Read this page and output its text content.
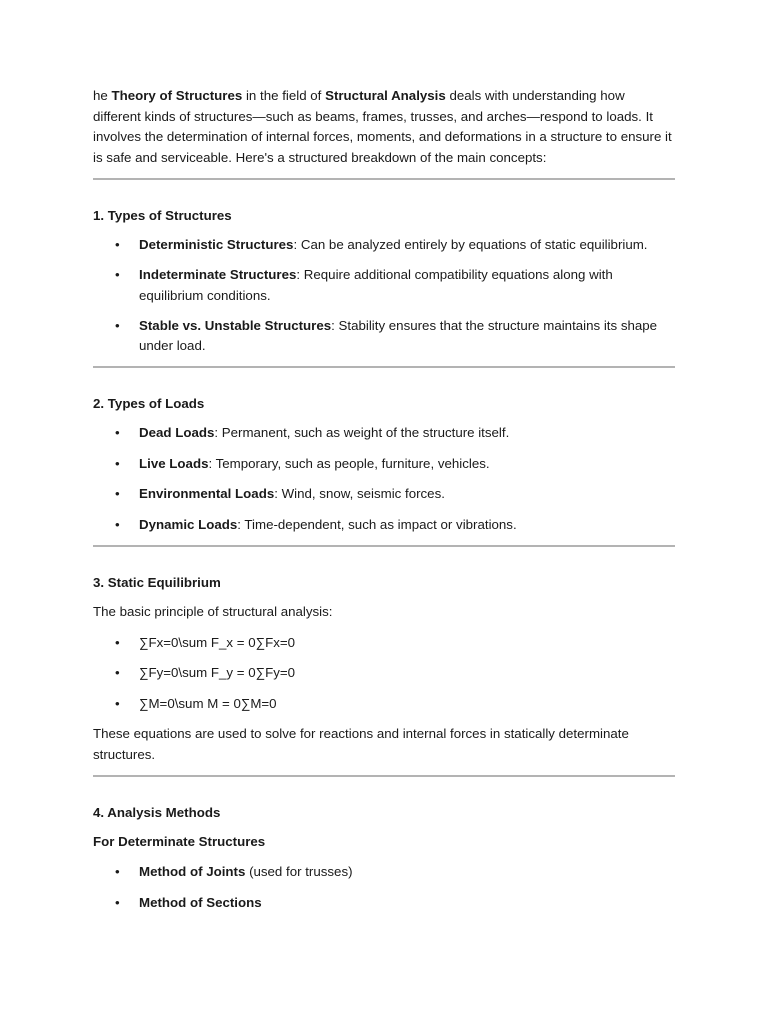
he Theory of Structures in the field of Structural Analysis deals with understanding how different kinds of structures—such as beams, frames, trusses, and arches—respond to loads. It involves the determination of internal forces, moments, and deformations in a structure to ensure it is safe and serviceable. Here's a structured breakdown of the main concepts:

1. Types of Structures
• Deterministic Structures: Can be analyzed entirely by equations of static equilibrium.
• Indeterminate Structures: Require additional compatibility equations along with equilibrium conditions.
• Stable vs. Unstable Structures: Stability ensures that the structure maintains its shape under load.
2. Types of Loads
• Dead Loads: Permanent, such as weight of the structure itself.
• Live Loads: Temporary, such as people, furniture, vehicles.
• Environmental Loads: Wind, snow, seismic forces.
• Dynamic Loads: Time-dependent, such as impact or vibrations.
3. Static Equilibrium

The basic principle of structural analysis:

• ∑Fx=0\sum F_x = 0∑Fx=0
• ∑Fy=0\sum F_y = 0∑Fy=0
• ∑M=0\sum M = 0∑M=0

These equations are used to solve for reactions and internal forces in statically determinate structures.

4. Analysis Methods
For Determinate Structures
• Method of Joints (used for trusses)
• Method of Sections
